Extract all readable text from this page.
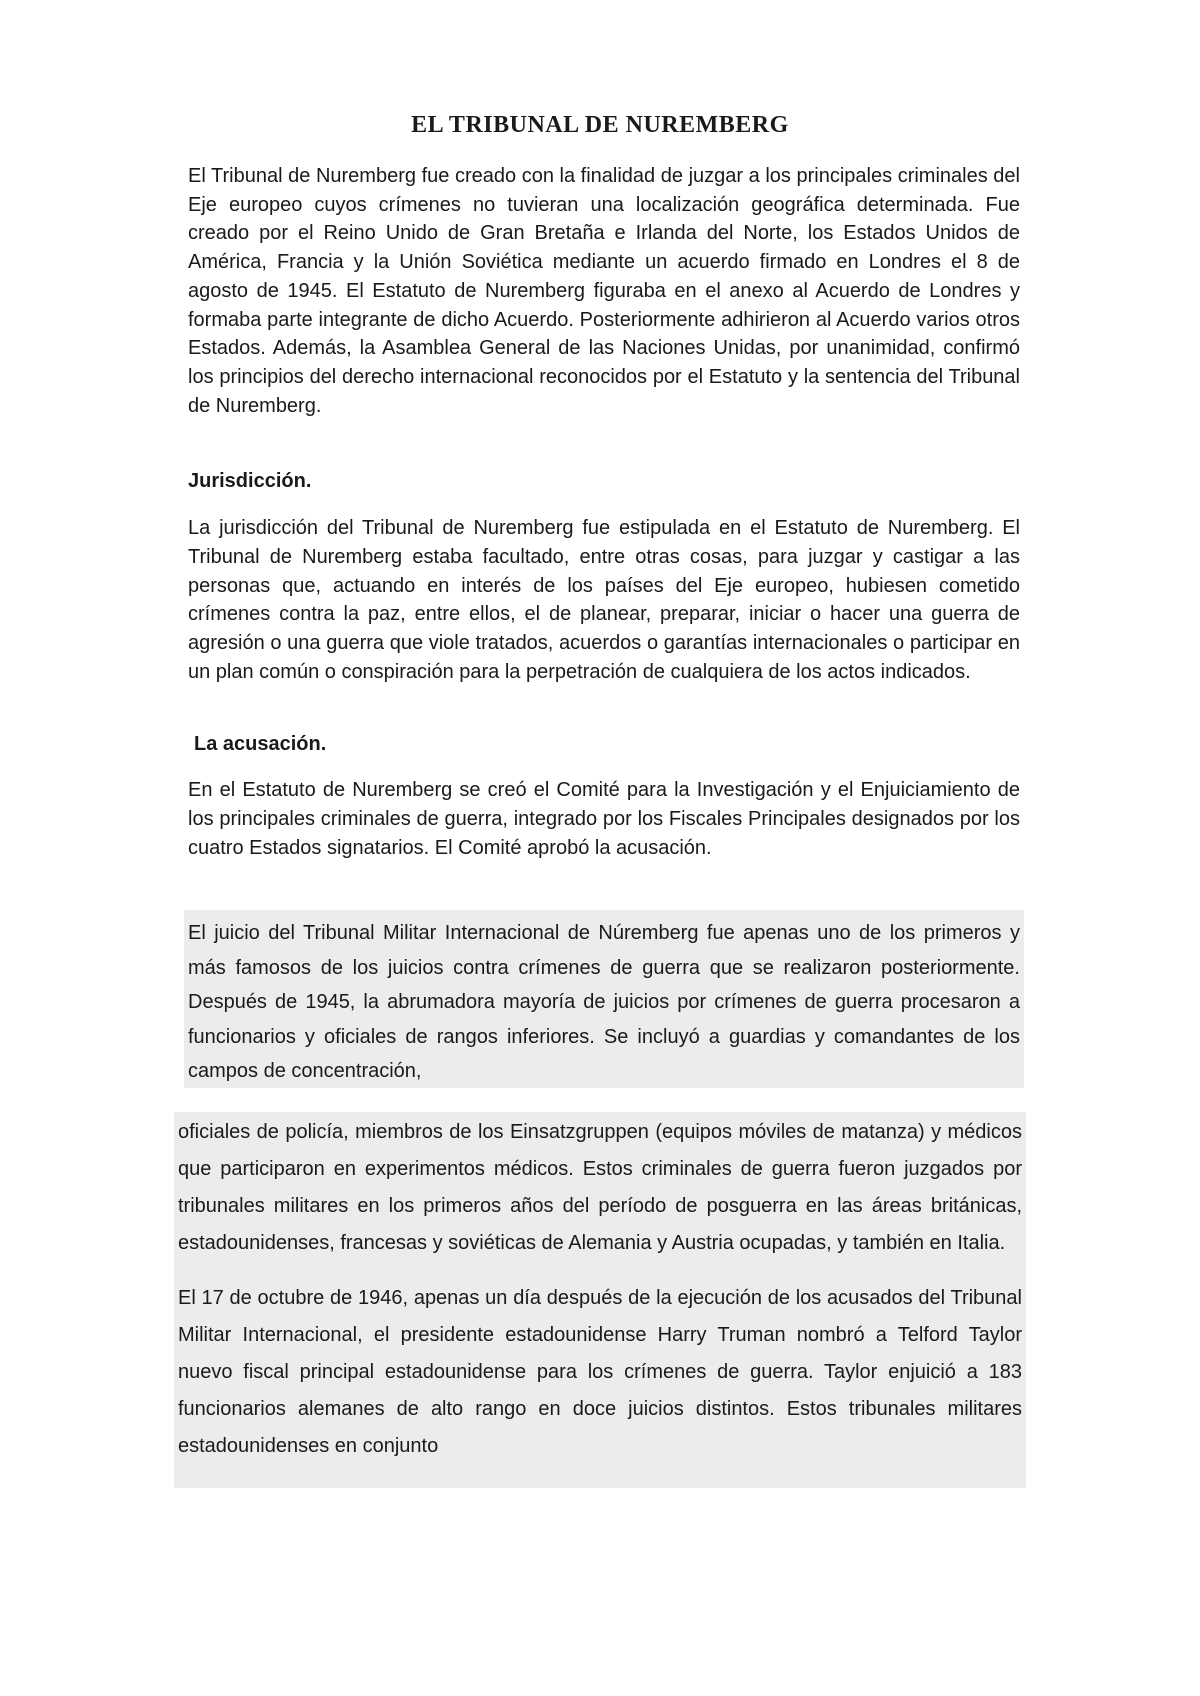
EL TRIBUNAL DE NUREMBERG

El Tribunal de Nuremberg fue creado con la finalidad de juzgar a los principales criminales del Eje europeo cuyos crímenes no tuvieran una localización geográfica determinada. Fue creado por el Reino Unido de Gran Bretaña e Irlanda del Norte, los Estados Unidos de América, Francia y la Unión Soviética mediante un acuerdo firmado en Londres el 8 de agosto de 1945. El Estatuto de Nuremberg figuraba en el anexo al Acuerdo de Londres y formaba parte integrante de dicho Acuerdo. Posteriormente adhirieron al Acuerdo varios otros Estados. Además, la Asamblea General de las Naciones Unidas, por unanimidad, confirmó los principios del derecho internacional reconocidos por el Estatuto y la sentencia del Tribunal de Nuremberg.

Jurisdicción.

La jurisdicción del Tribunal de Nuremberg fue estipulada en el Estatuto de Nuremberg. El Tribunal de Nuremberg estaba facultado, entre otras cosas, para juzgar y castigar a las personas que, actuando en interés de los países del Eje europeo, hubiesen cometido crímenes contra la paz, entre ellos, el de planear, preparar, iniciar o hacer una guerra de agresión o una guerra que viole tratados, acuerdos o garantías internacionales o participar en un plan común o conspiración para la perpetración de cualquiera de los actos indicados.

La acusación.

En el Estatuto de Nuremberg se creó el Comité para la Investigación y el Enjuiciamiento de los principales criminales de guerra, integrado por los Fiscales Principales designados por los cuatro Estados signatarios. El Comité aprobó la acusación.

El juicio del Tribunal Militar Internacional de Núremberg fue apenas uno de los primeros y más famosos de los juicios contra crímenes de guerra que se realizaron posteriormente. Después de 1945, la abrumadora mayoría de juicios por crímenes de guerra procesaron a funcionarios y oficiales de rangos inferiores. Se incluyó a guardias y comandantes de los campos de concentración,

oficiales de policía, miembros de los Einsatzgruppen (equipos móviles de matanza) y médicos que participaron en experimentos médicos. Estos criminales de guerra fueron juzgados por tribunales militares en los primeros años del período de posguerra en las áreas británicas, estadounidenses, francesas y soviéticas de Alemania y Austria ocupadas, y también en Italia.

El 17 de octubre de 1946, apenas un día después de la ejecución de los acusados del Tribunal Militar Internacional, el presidente estadounidense Harry Truman nombró a Telford Taylor nuevo fiscal principal estadounidense para los crímenes de guerra. Taylor enjuició a 183 funcionarios alemanes de alto rango en doce juicios distintos. Estos tribunales militares estadounidenses en conjunto
